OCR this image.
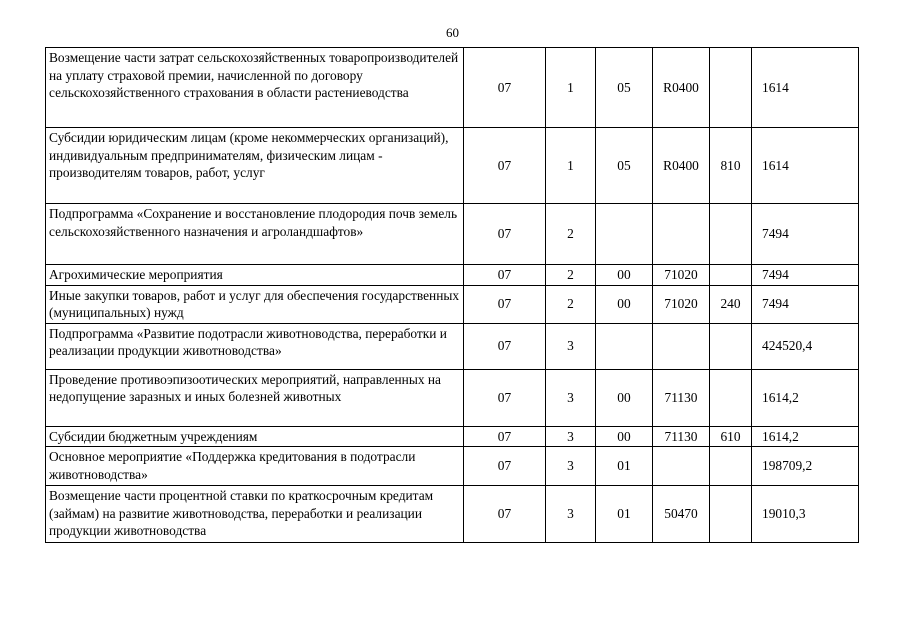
60
Возмещение части затрат сельскохозяйственных товаропроизводителей на уплату страховой премии, начисленной по договору сельскохозяйственного страхования в области растениеводства	07	1	05	R0400		1614
Субсидии юридическим лицам (кроме некоммерческих организаций), индивидуальным предпринимателям, физическим лицам - производителям товаров, работ, услуг	07	1	05	R0400	810	1614
Подпрограмма «Сохранение и восстановление плодородия почв земель сельскохозяйственного назначения и агроландшафтов»	07	2				7494
Агрохимические мероприятия	07	2	00	71020		7494
Иные закупки товаров, работ и услуг для обеспечения государственных (муниципальных) нужд	07	2	00	71020	240	7494
Подпрограмма «Развитие подотрасли животноводства, переработки и реализации продукции животноводства»	07	3				424520,4
Проведение противоэпизоотических мероприятий, направленных на недопущение заразных и иных болезней животных	07	3	00	71130		1614,2
Субсидии бюджетным учреждениям	07	3	00	71130	610	1614,2
Основное мероприятие «Поддержка кредитования в подотрасли животноводства»	07	3	01			198709,2
Возмещение части процентной ставки по краткосрочным кредитам (займам) на развитие животноводства, переработки и реализации продукции животноводства	07	3	01	50470		19010,3
